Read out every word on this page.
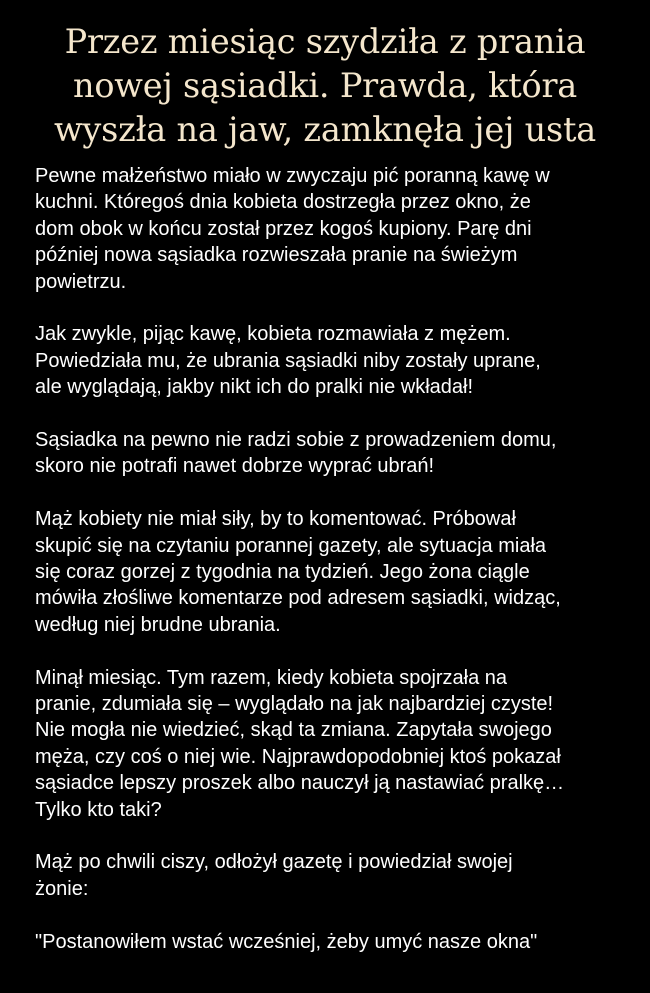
Przez miesiąc szydziła z prania nowej sąsiadki. Prawda, która wyszła na jaw, zamknęła jej usta

Pewne małżeństwo miało w zwyczaju pić poranną kawę w
kuchni. Któregoś dnia kobieta dostrzegła przez okno, że
dom obok w końcu został przez kogoś kupiony. Parę dni
później nowa sąsiadka rozwieszała pranie na świeżym
powietrzu.

Jak zwykle, pijąc kawę, kobieta rozmawiała z mężem.
Powiedziała mu, że ubrania sąsiadki niby zostały uprane,
ale wyglądają, jakby nikt ich do pralki nie wkładał!

Sąsiadka na pewno nie radzi sobie z prowadzeniem domu,
skoro nie potrafi nawet dobrze wyprać ubrań!

Mąż kobiety nie miał siły, by to komentować. Próbował
skupić się na czytaniu porannej gazety, ale sytuacja miała
się coraz gorzej z tygodnia na tydzień. Jego żona ciągle
mówiła złośliwe komentarze pod adresem sąsiadki, widząc,
według niej brudne ubrania.

Minął miesiąc. Tym razem, kiedy kobieta spojrzała na
pranie, zdumiała się – wyglądało na jak najbardziej czyste!
Nie mogła nie wiedzieć, skąd ta zmiana. Zapytała swojego
męża, czy coś o niej wie. Najprawdopodobniej ktoś pokazał
sąsiadce lepszy proszek albo nauczył ją nastawiać pralkę…
Tylko kto taki?

Mąż po chwili ciszy, odłożył gazetę i powiedział swojej
żonie:

"Postanowiłem wstać wcześniej, żeby umyć nasze okna"
